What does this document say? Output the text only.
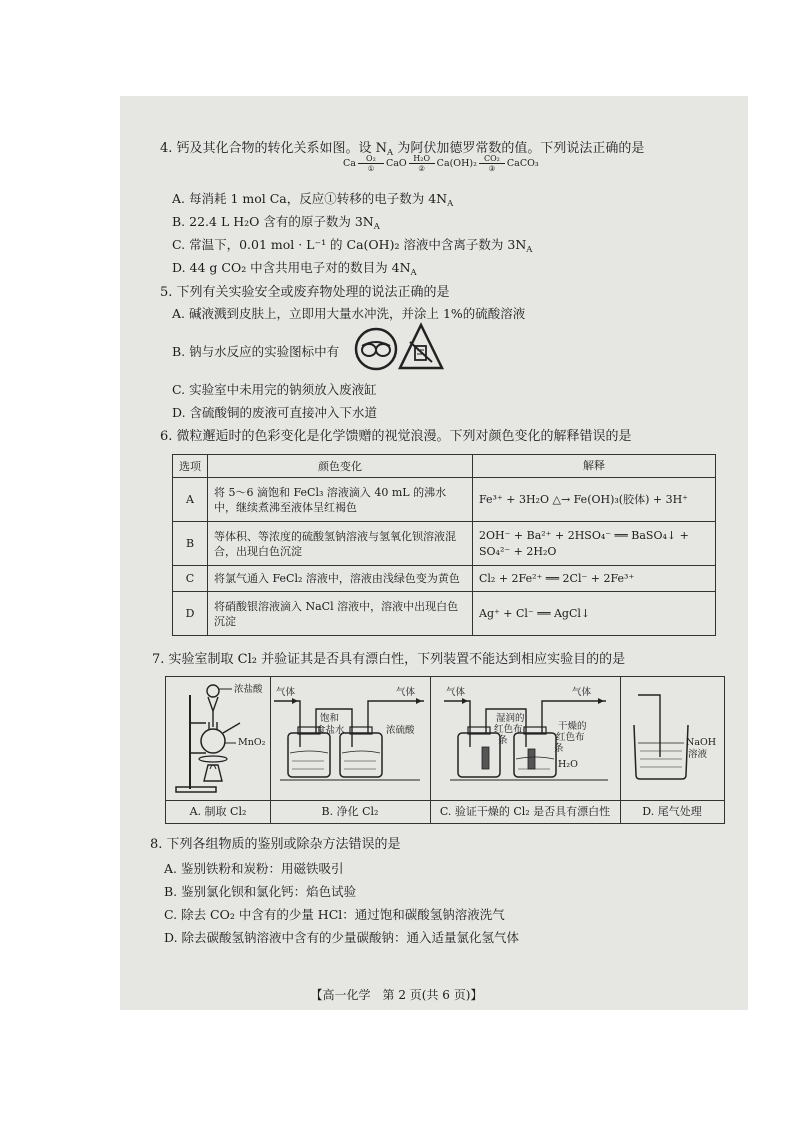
4. 钙及其化合物的转化关系如图。设 $N_A$ 为阿伏加德罗常数的值。下列说法正确的是
Ca	O₂
①	CaO H₂O
②	Ca(OH)₂ CO₂
③	CaCO₃
A. 每消耗 1 mol Ca，反应①转移的电子数为 $4N_A$
B. 22.4 L H₂O 含有的原子数为 $3N_A$
C. 常温下，0.01 mol · L⁻¹ 的 Ca(OH)₂ 溶液中含离子数为 $3N_A$
D. 44 g CO₂ 中含共用电子对的数目为 $4N_A$
5. 下列有关实验安全或废弃物处理的说法正确的是
A. 碱液溅到皮肤上，立即用大量水冲洗，并涂上 1%的硫酸溶液
B. 钠与水反应的实验图标中有
C. 实验室中未用完的钠须放入废液缸
D. 含硫酸铜的废液可直接冲入下水道
6. 微粒邂逅时的色彩变化是化学馈赠的视觉浪漫。下列对颜色变化的解释错误的是
选项	颜色变化	解释
A	将 5～6 滴饱和 FeCl₃ 溶液滴入 40 mL 的沸水中，继续煮沸至液体呈红褐色	Fe³⁺ + 3H₂O △→ Fe(OH)₃(胶体) + 3H⁺
B	等体积、等浓度的硫酸氢钠溶液与氢氧化钡溶液混合，出现白色沉淀	2OH⁻ + Ba²⁺ + 2HSO₄⁻ ══ BaSO₄↓ + SO₄²⁻ + 2H₂O
C	将氯气通入 FeCl₂ 溶液中，溶液由浅绿色变为黄色	Cl₂ + 2Fe²⁺ ══ 2Cl⁻ + 2Fe³⁺
D	将硝酸银溶液滴入 NaCl 溶液中，溶液中出现白色沉淀	Ag⁺ + Cl⁻ ══ AgCl↓
7. 实验室制取 Cl₂ 并验证其是否具有漂白性，下列装置不能达到相应实验目的的是
浓盐酸
MnO₂
A. 制取 Cl₂
气体	气体
饱和
食盐水	浓硫酸
B. 净化 Cl₂
气体	气体
湿润的
红色布
条
干燥的
红色布
条
H₂O
C. 验证干燥的 Cl₂ 是否具有漂白性
NaOH
溶液
D. 尾气处理
8. 下列各组物质的鉴别或除杂方法错误的是
A. 鉴别铁粉和炭粉：用磁铁吸引
B. 鉴别氯化钡和氯化钙：焰色试验
C. 除去 CO₂ 中含有的少量 HCl：通过饱和碳酸氢钠溶液洗气
D. 除去碳酸氢钠溶液中含有的少量碳酸钠：通入适量氯化氢气体
【高一化学　第 2 页(共 6 页)】
